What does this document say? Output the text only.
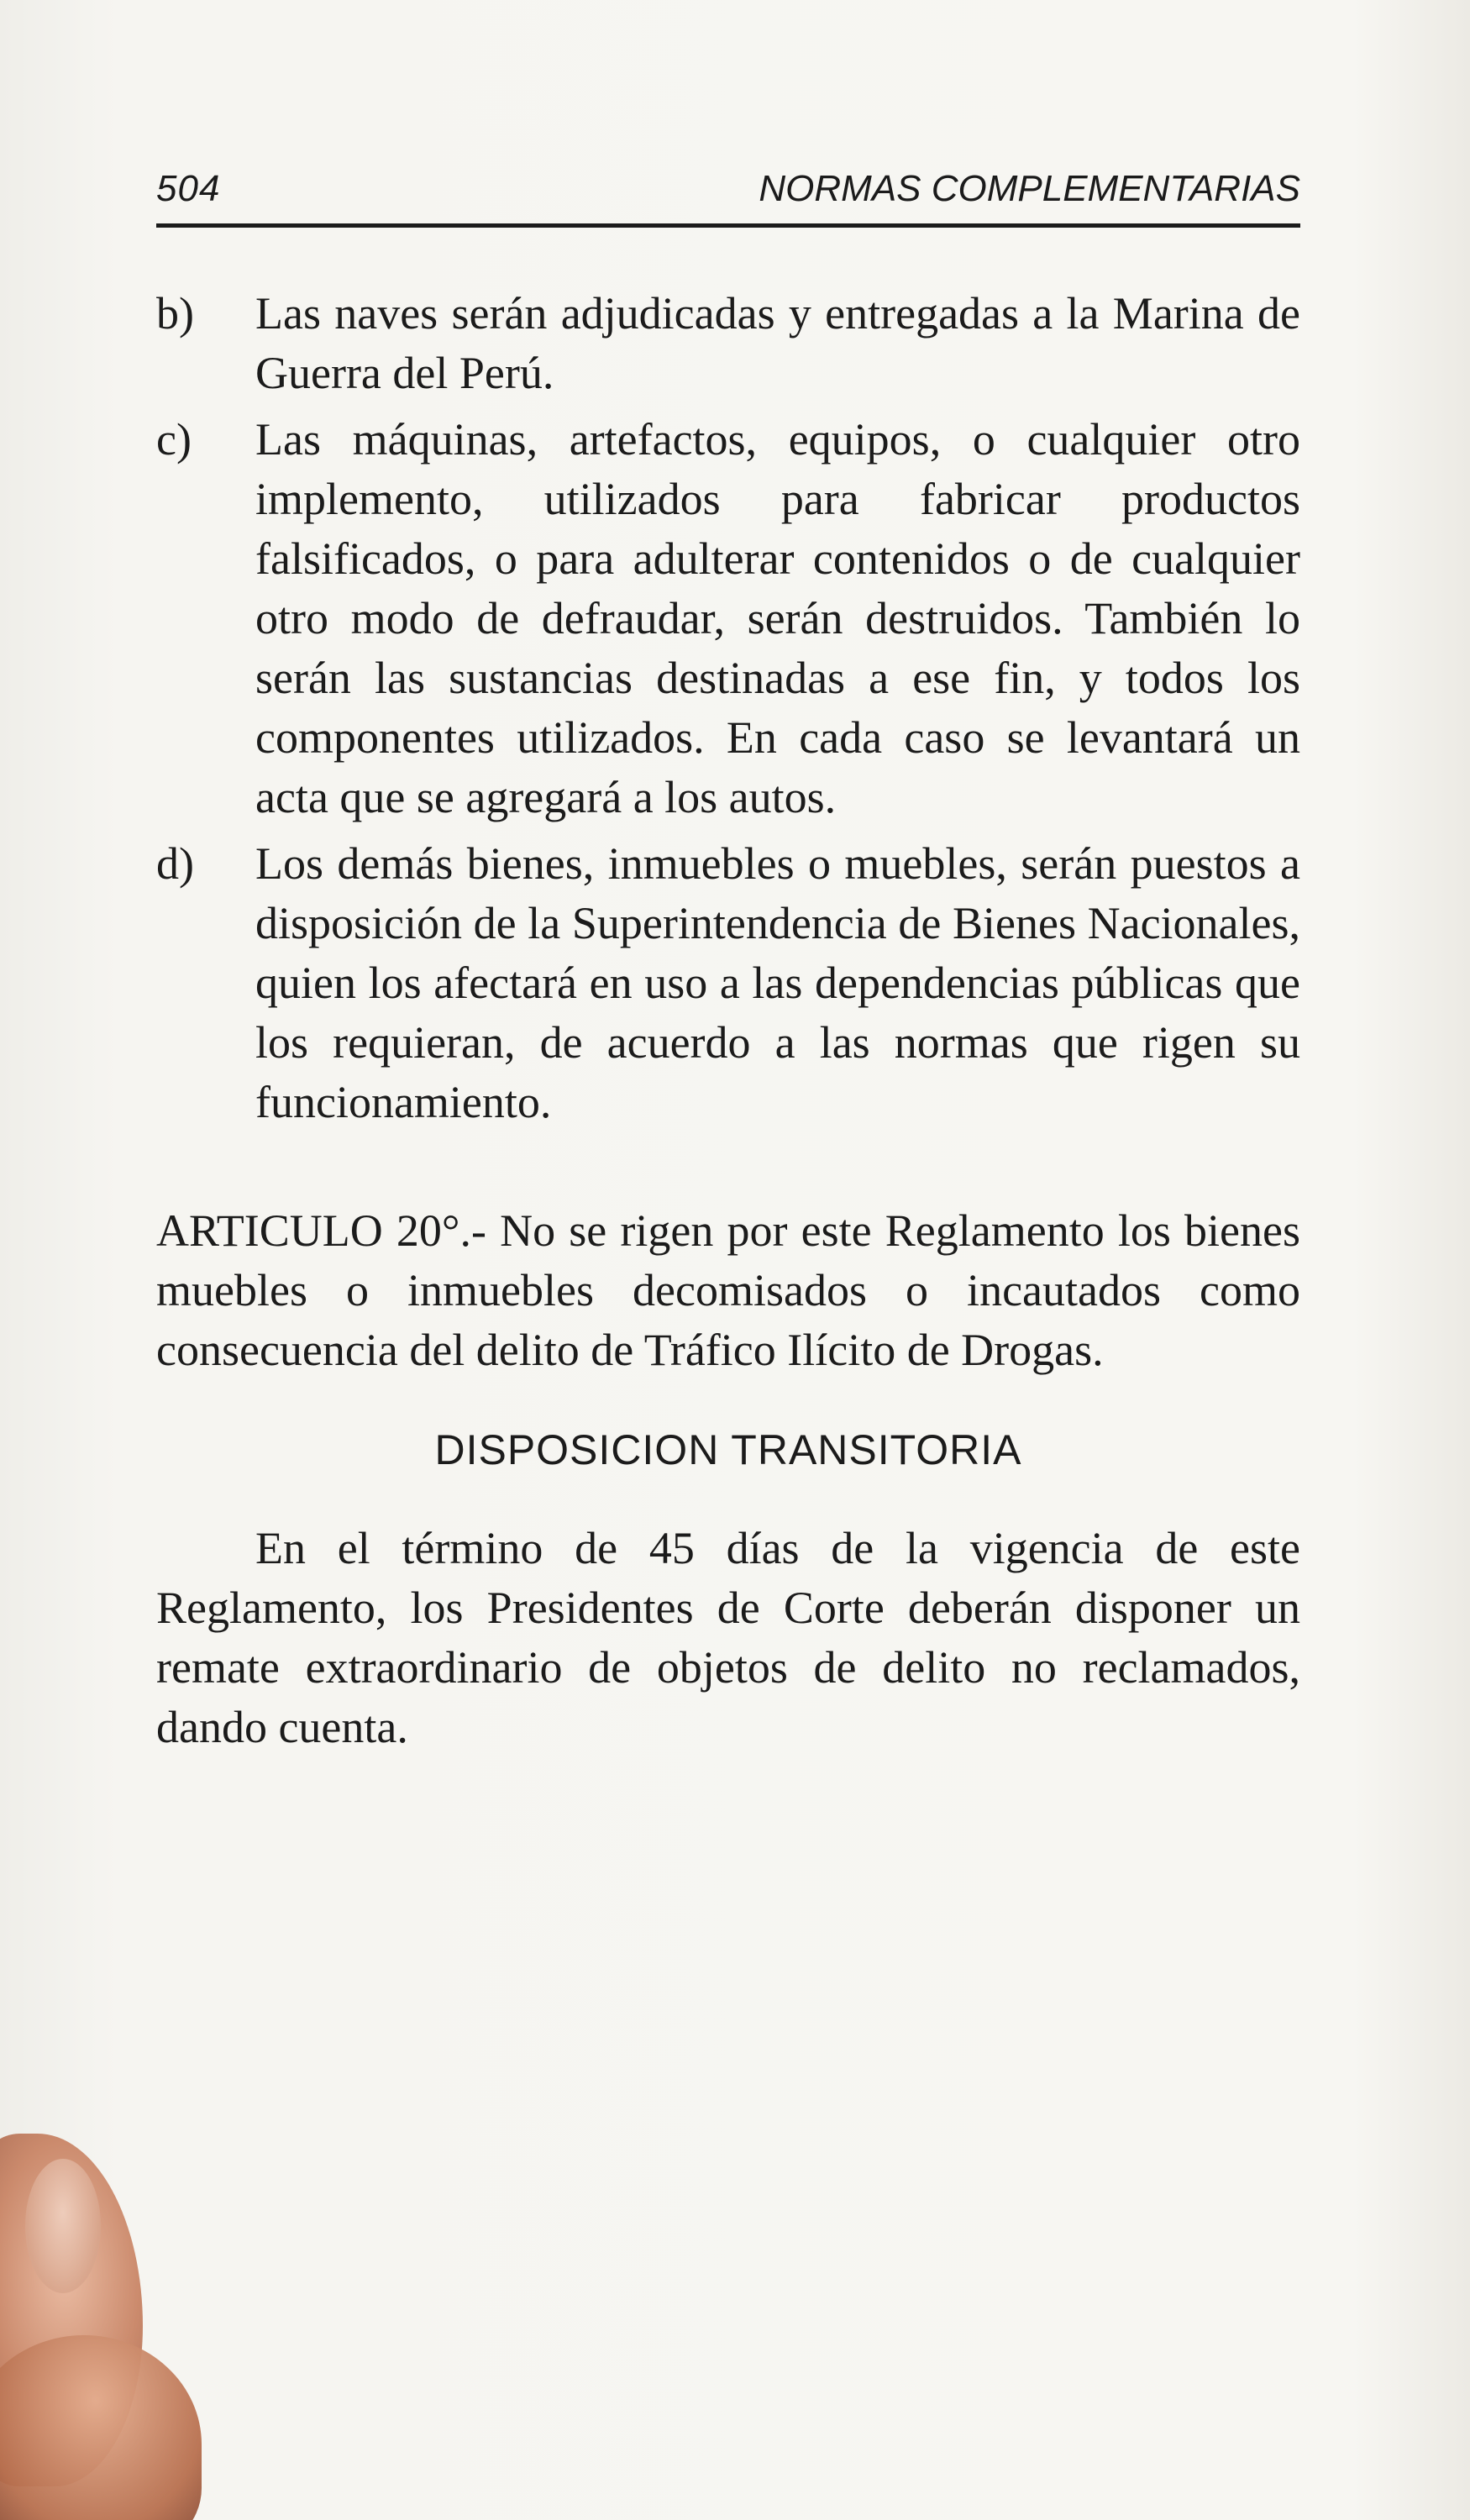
504	NORMAS COMPLEMENTARIAS
b) Las naves serán adjudicadas y entregadas a la Marina de Guerra del Perú.
c) Las máquinas, artefactos, equipos, o cualquier otro implemento, utilizados para fabricar productos falsificados, o para adulterar contenidos o de cualquier otro modo de defraudar, serán destruidos. También lo serán las sustancias destinadas a ese fin, y todos los componentes utilizados. En cada caso se levantará un acta que se agregará a los autos.
d) Los demás bienes, inmuebles o muebles, serán puestos a disposición de la Superintendencia de Bienes Nacionales, quien los afectará en uso a las dependencias públicas que los requieran, de acuerdo a las normas que rigen su funcionamiento.
ARTICULO 20°.- No se rigen por este Reglamento los bienes muebles o inmuebles decomisados o incautados como consecuencia del delito de Tráfico Ilícito de Drogas.
DISPOSICION TRANSITORIA
En el término de 45 días de la vigencia de este Reglamento, los Presidentes de Corte deberán disponer un remate extraordinario de objetos de delito no reclamados, dando cuenta.
